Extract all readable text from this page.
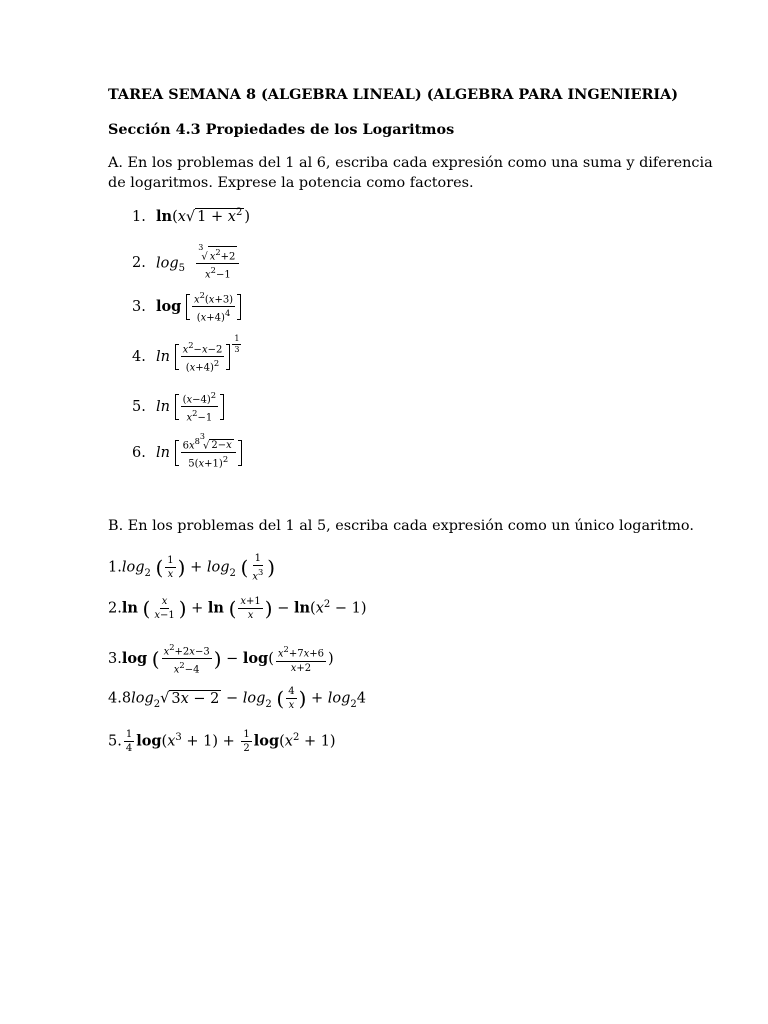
TAREA SEMANA 8 (ALGEBRA LINEAL) (ALGEBRA PARA INGENIERIA)
Sección 4.3 Propiedades de los Logaritmos
A. En los problemas del 1 al 6, escriba cada expresión como una suma y diferencia
de logaritmos. Exprese la potencia como factores.
1. ln(x√ $1 + x^2$ )
2. $\log_5 \frac{^3√ x^2+2}{x^2-1}$
3. $\log \frac{x^2(x+3)}{(x+4)^4}$
4. $\ln \frac{x^2-x-2}{(x+4)^2} \frac{1}{3}$
5. $\ln \frac{(x-4)^2}{x^2-1}$
6. $\ln \frac{6x^{83}√ 2-x}{5(x+1)^2}$
B. En los problemas del 1 al 5, escriba cada expresión como un único logaritmo.
$1.\log_2$ ( $\frac{1}{x}$ ) + $\log_2$ ( $\frac{1}{x^3}$ )
2.ln ( $\frac{x}{x-1}$ ) + ln ( $\frac{x+1}{x}$ ) − $\ln(x^2 - 1)$
3.log ( $\frac{x^2+2x-3}{x^2-4}$ ) − $\log( \frac{x^2+7x+6}{x+2}$ )
$4.8\log_2√$ $3x - 2 - \log_2$ ( $\frac{4}{x}$ ) + $\log_24$
5. $\frac{1}{4} \log(x^3 + 1) + \frac{1}{2} \log(x^2 + 1)$
